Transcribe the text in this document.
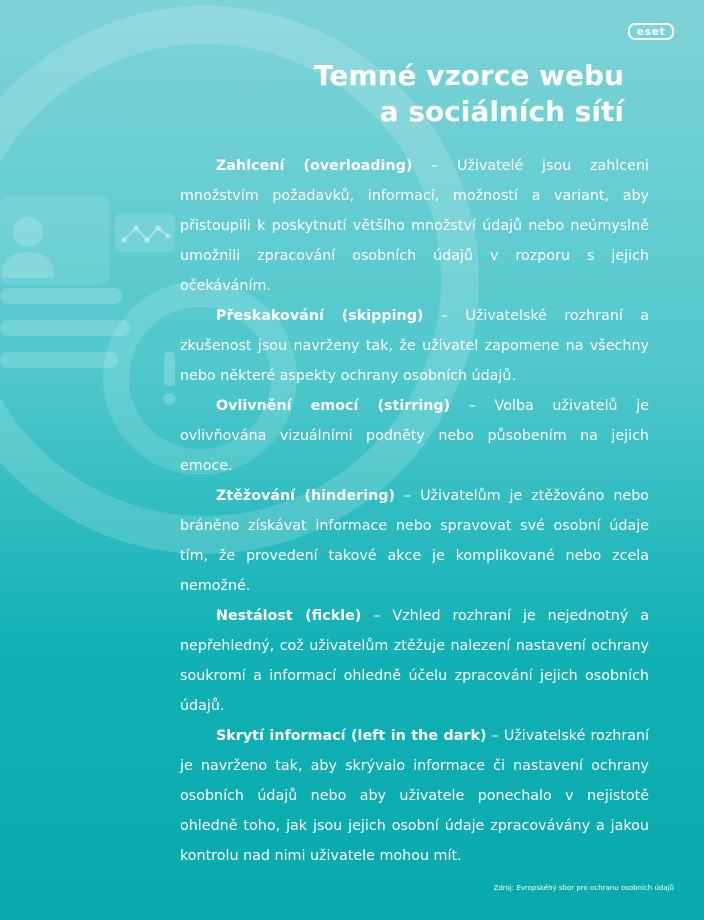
eset
Temné vzorce webu
a sociálních sítí

Zahlcení (overloading) – Uživatelé jsou zahlceni množstvím požadavků, informací, možností a variant, aby přistoupili k poskytnutí většího množství údajů nebo neúmyslně umožnili zpracování osobních údajů v rozporu s jejich očekáváním.

Přeskakování (skipping) – Uživatelské rozhraní a zkušenost jsou navrženy tak, že uživatel zapomene na všechny nebo některé aspekty ochrany osobních údajů.

Ovlivnění emocí (stirring) – Volba uživatelů je ovlivňována vizuálními podněty nebo působením na jejich emoce.

Ztěžování (hindering) – Uživatelům je ztěžováno nebo bráněno získávat informace nebo spravovat své osobní údaje tím, že provedení takové akce je komplikované nebo zcela nemožné.

Nestálost (fickle) – Vzhled rozhraní je nejednotný a nepřehledný, což uživatelům ztěžuje nalezení nastavení ochrany soukromí a informací ohledně účelu zpracování jejich osobních údajů.

Skrytí informací (left in the dark) – Uživatelské rozhraní je navrženo tak, aby skrývalo informace či nastavení ochrany osobních údajů nebo aby uživatele ponechalo v nejistotě ohledně toho, jak jsou jejich osobní údaje zpracovávány a jakou kontrolu nad nimi uživatele mohou mít.

Zdroj: Evropskéhý sbor pro ochranu osobních údajů
